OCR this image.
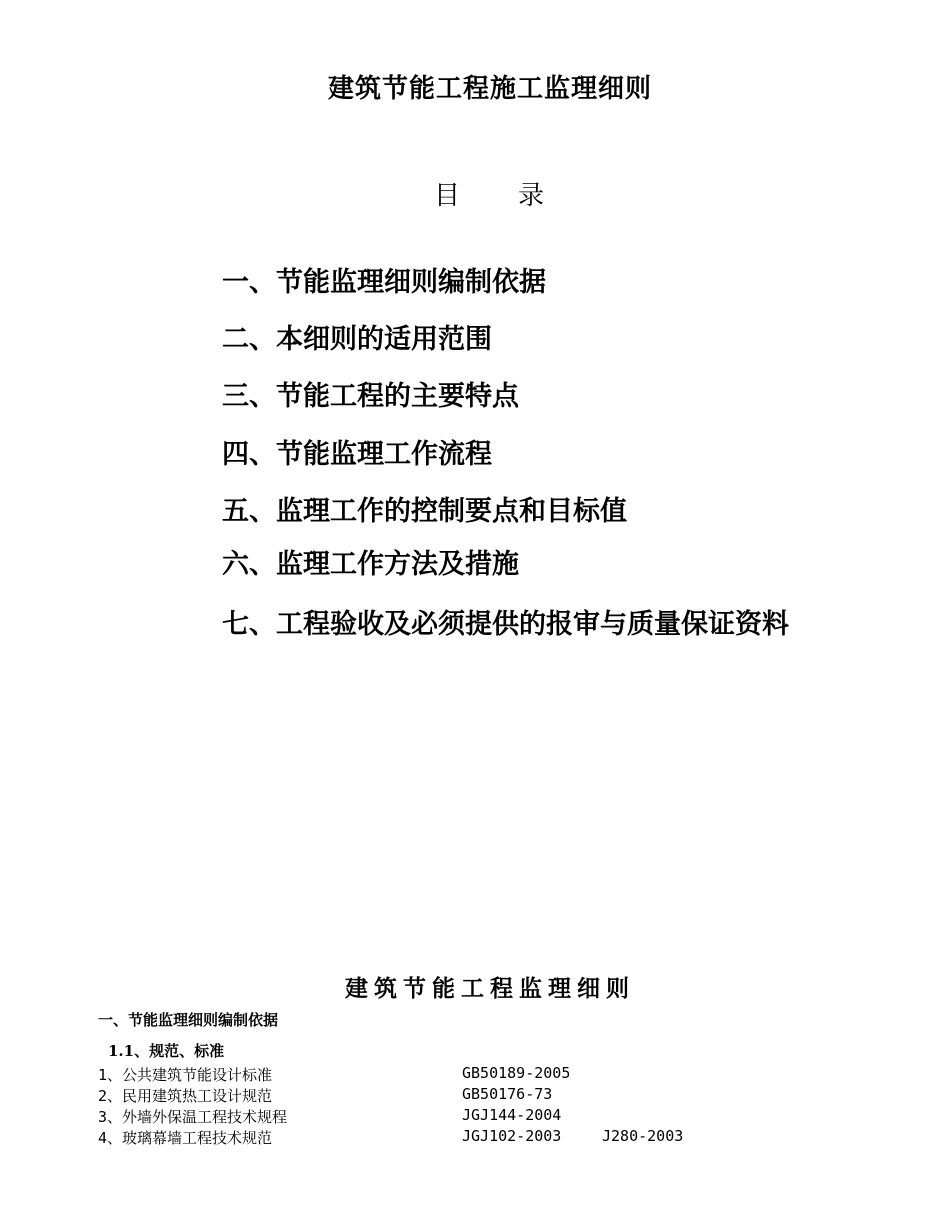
建筑节能工程施工监理细则
目 录
一、节能监理细则编制依据
二、本细则的适用范围
三、节能工程的主要特点
四、节能监理工作流程
五、监理工作的控制要点和目标值
六、监理工作方法及措施
七、工程验收及必须提供的报审与质量保证资料
建筑节能工程监理细则
一、节能监理细则编制依据
1.1、规范、标准
1、公共建筑节能设计标准	GB50189-2005
2、民用建筑热工设计规范	GB50176-73
3、外墙外保温工程技术规程	JGJ144-2004
4、玻璃幕墙工程技术规范	JGJ102-2003	J280-2003
